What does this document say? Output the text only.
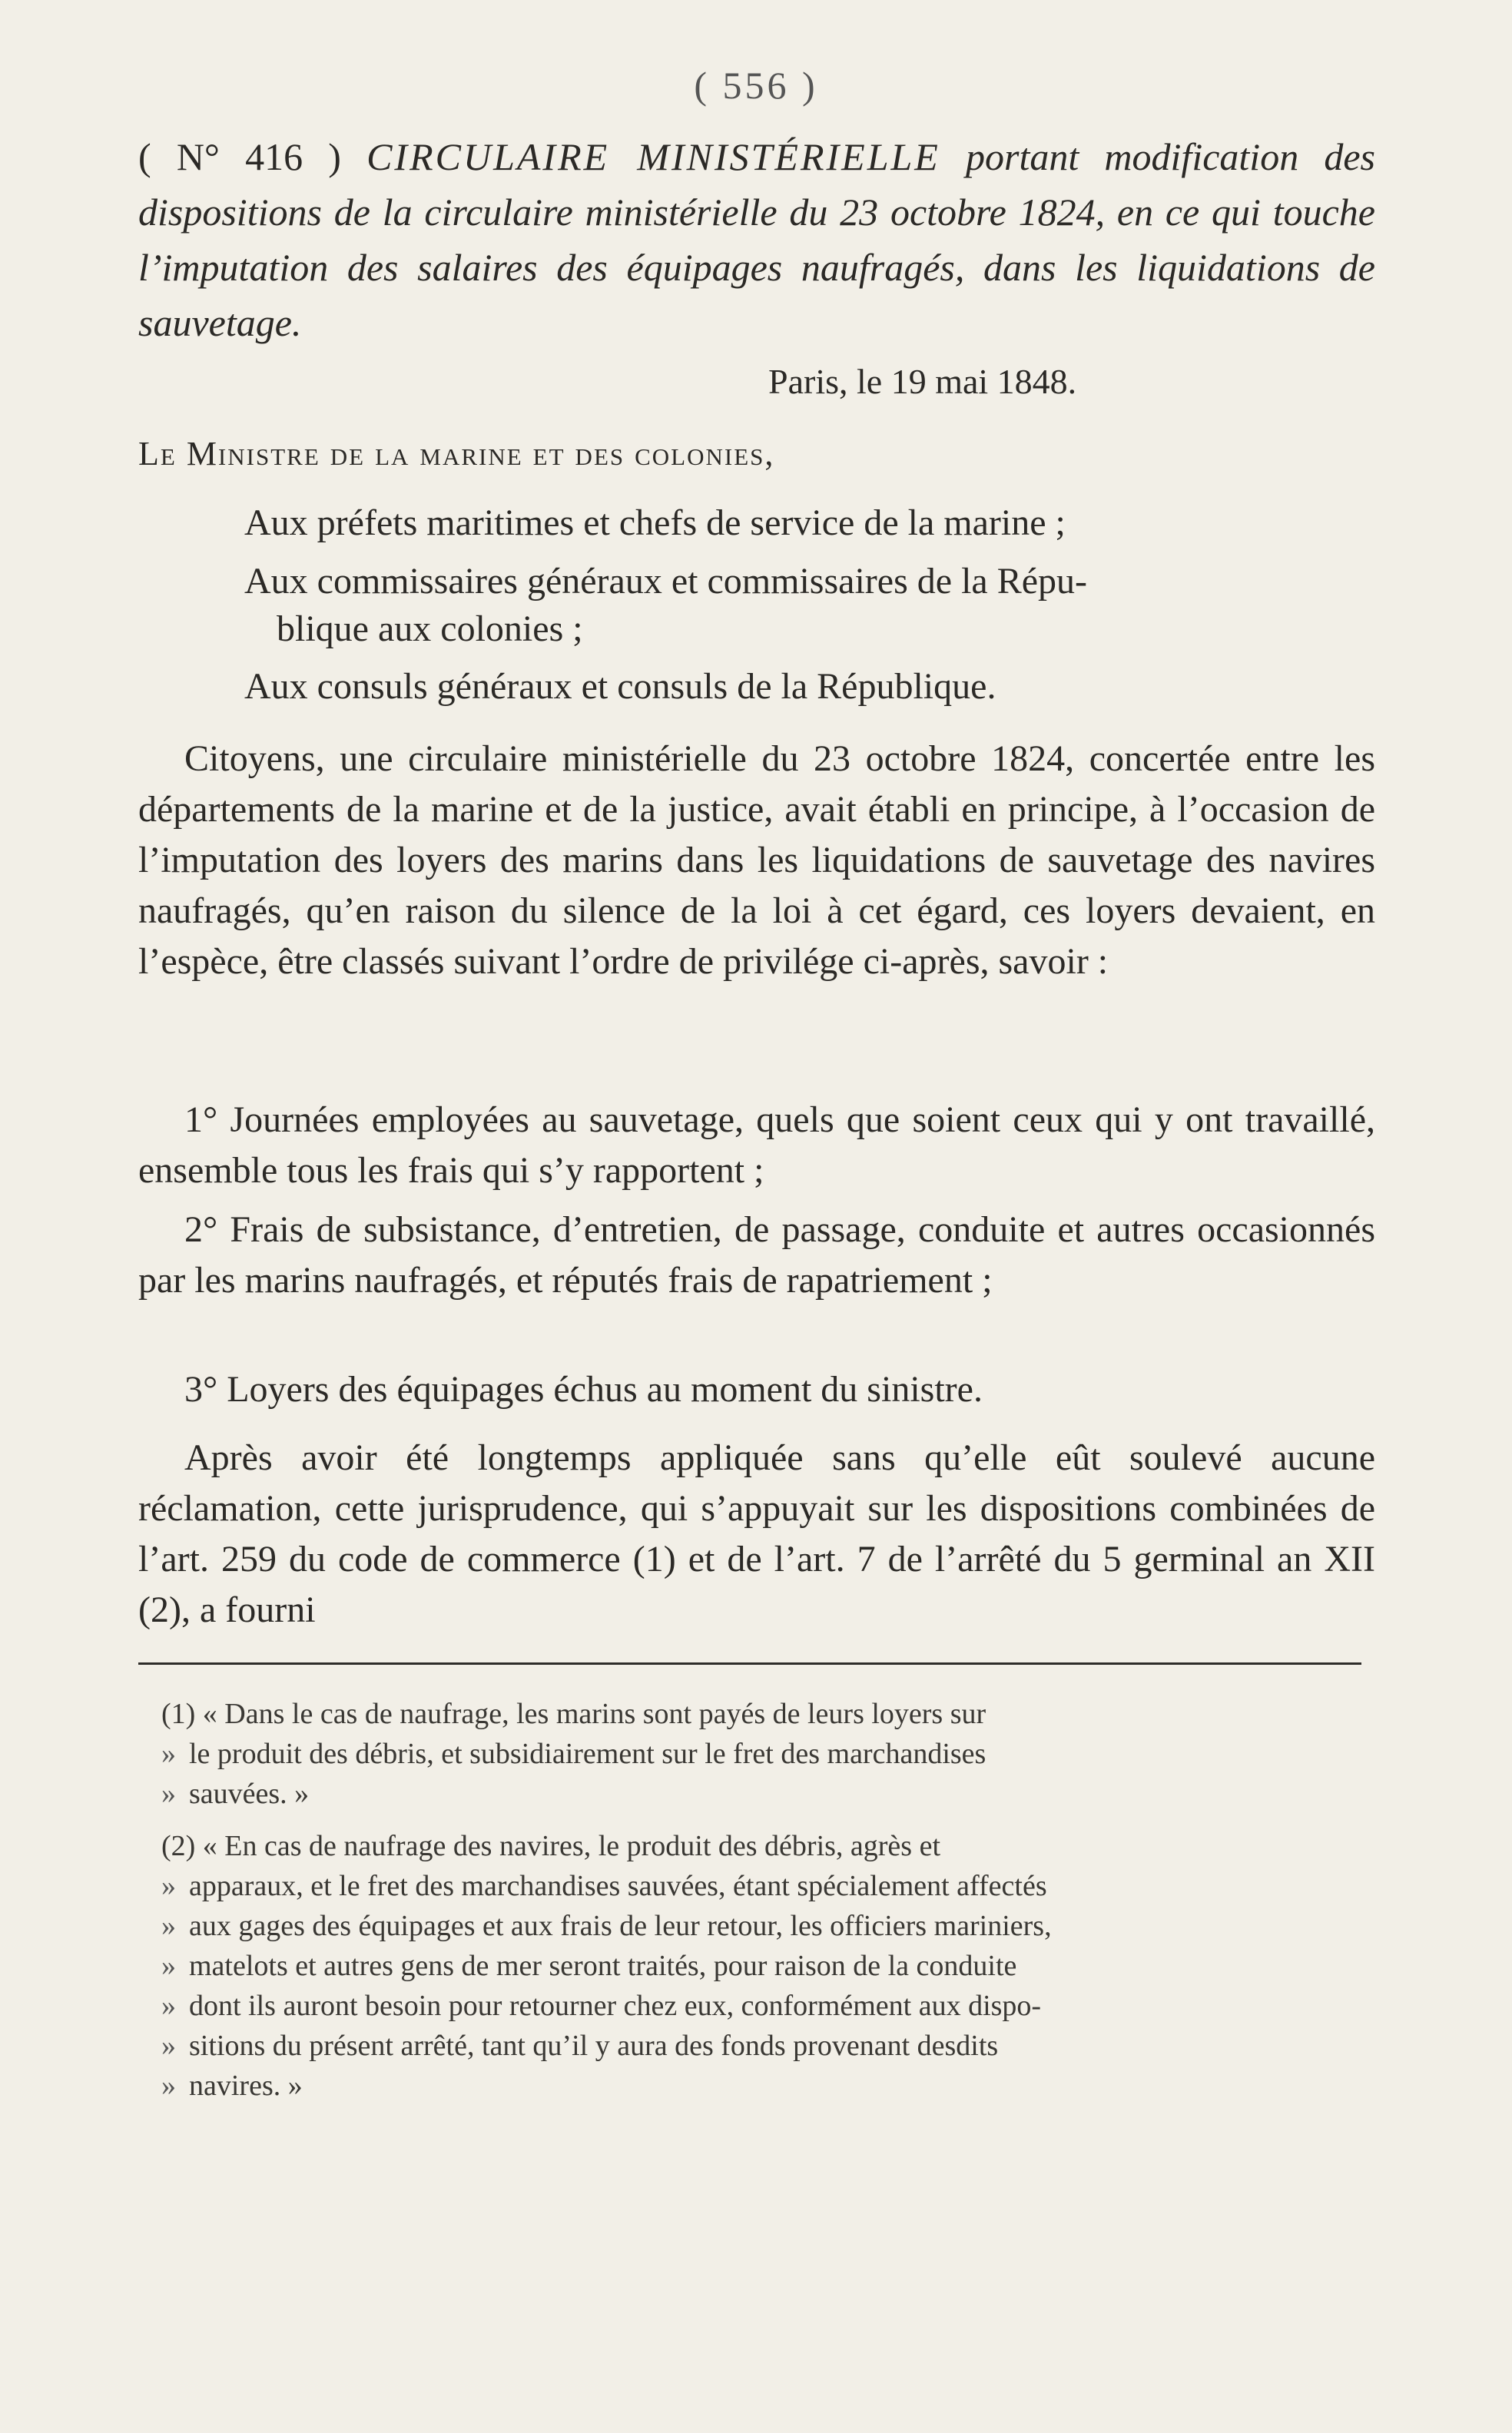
( 556 )
( N° 416 ) CIRCULAIRE MINISTÉRIELLE portant modification des dispositions de la circulaire ministérielle du 23 octobre 1824, en ce qui touche l’imputation des salaires des équipages naufragés, dans les liquidations de sauvetage.
Paris, le 19 mai 1848.
Le Ministre de la marine et des colonies,
Aux préfets maritimes et chefs de service de la marine ;
Aux commissaires généraux et commissaires de la Répu-
blique aux colonies ;
Aux consuls généraux et consuls de la République.
Citoyens, une circulaire ministérielle du 23 octobre 1824, concertée entre les départements de la marine et de la justice, avait établi en principe, à l’occasion de l’imputation des loyers des marins dans les liquidations de sauvetage des navires naufragés, qu’en raison du silence de la loi à cet égard, ces loyers devaient, en l’espèce, être classés suivant l’ordre de privilége ci-après, savoir :
1° Journées employées au sauvetage, quels que soient ceux qui y ont travaillé, ensemble tous les frais qui s’y rapportent ;
2° Frais de subsistance, d’entretien, de passage, conduite et autres occasionnés par les marins naufragés, et réputés frais de rapatriement ;
3° Loyers des équipages échus au moment du sinistre.
Après avoir été longtemps appliquée sans qu’elle eût soulevé aucune réclamation, cette jurisprudence, qui s’appuyait sur les dispositions combinées de l’art. 259 du code de commerce (1) et de l’art. 7 de l’arrêté du 5 germinal an XII (2), a fourni
(1) « Dans le cas de naufrage, les marins sont payés de leurs loyers sur
» le produit des débris, et subsidiairement sur le fret des marchandises
» sauvées. »
(2) « En cas de naufrage des navires, le produit des débris, agrès et
» apparaux, et le fret des marchandises sauvées, étant spécialement affectés
» aux gages des équipages et aux frais de leur retour, les officiers mariniers,
» matelots et autres gens de mer seront traités, pour raison de la conduite
» dont ils auront besoin pour retourner chez eux, conformément aux dispo-
» sitions du présent arrêté, tant qu’il y aura des fonds provenant desdits
» navires. »
